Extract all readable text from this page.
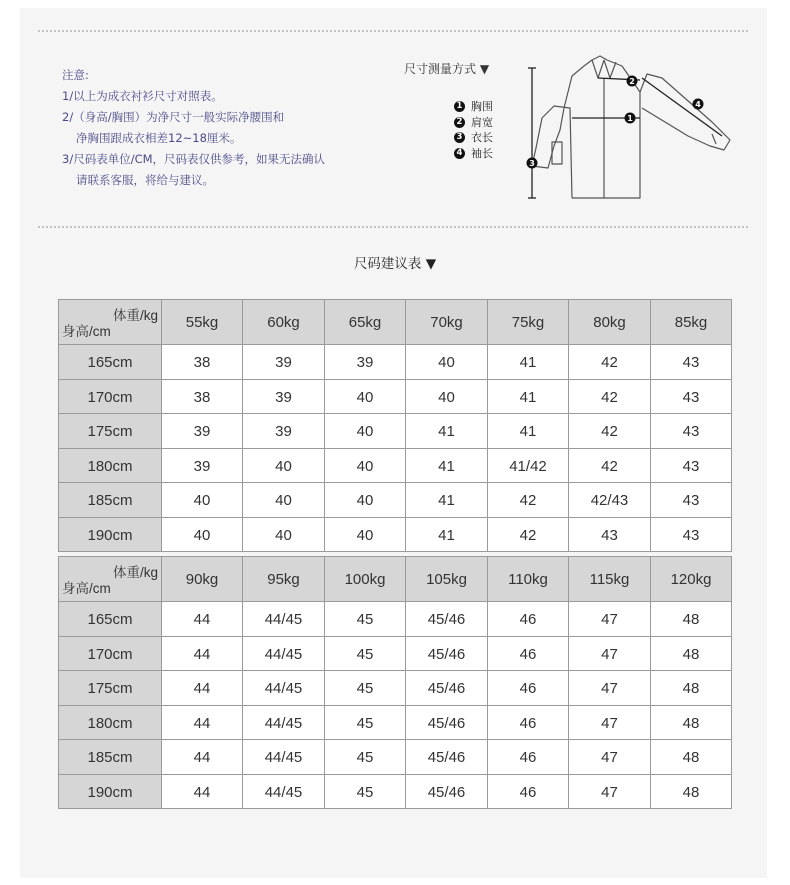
注意:
1/以上为成衣衬衫尺寸对照表。
2/（身高/胸围）为净尺寸一般实际净腰围和
净胸围跟成衣相差12~18厘米。
3/尺码表单位/CM，尺码表仅供参考，如果无法确认
请联系客服，将给与建议。
尺寸测量方式 ▼
1 胸围
2 肩宽
3 衣长
4 袖长
1
2
3
4
尺码建议表 ▼
体重/kg
身高/cm	55kg	60kg	65kg	70kg	75kg	80kg	85kg
165cm	38	39	39	40	41	42	43
170cm	38	39	40	40	41	42	43
175cm	39	39	40	41	41	42	43
180cm	39	40	40	41	41/42	42	43
185cm	40	40	40	41	42	42/43	43
190cm	40	40	40	41	42	43	43
体重/kg
身高/cm	90kg	95kg	100kg	105kg	110kg	115kg	120kg
165cm	44	44/45	45	45/46	46	47	48
170cm	44	44/45	45	45/46	46	47	48
175cm	44	44/45	45	45/46	46	47	48
180cm	44	44/45	45	45/46	46	47	48
185cm	44	44/45	45	45/46	46	47	48
190cm	44	44/45	45	45/46	46	47	48
